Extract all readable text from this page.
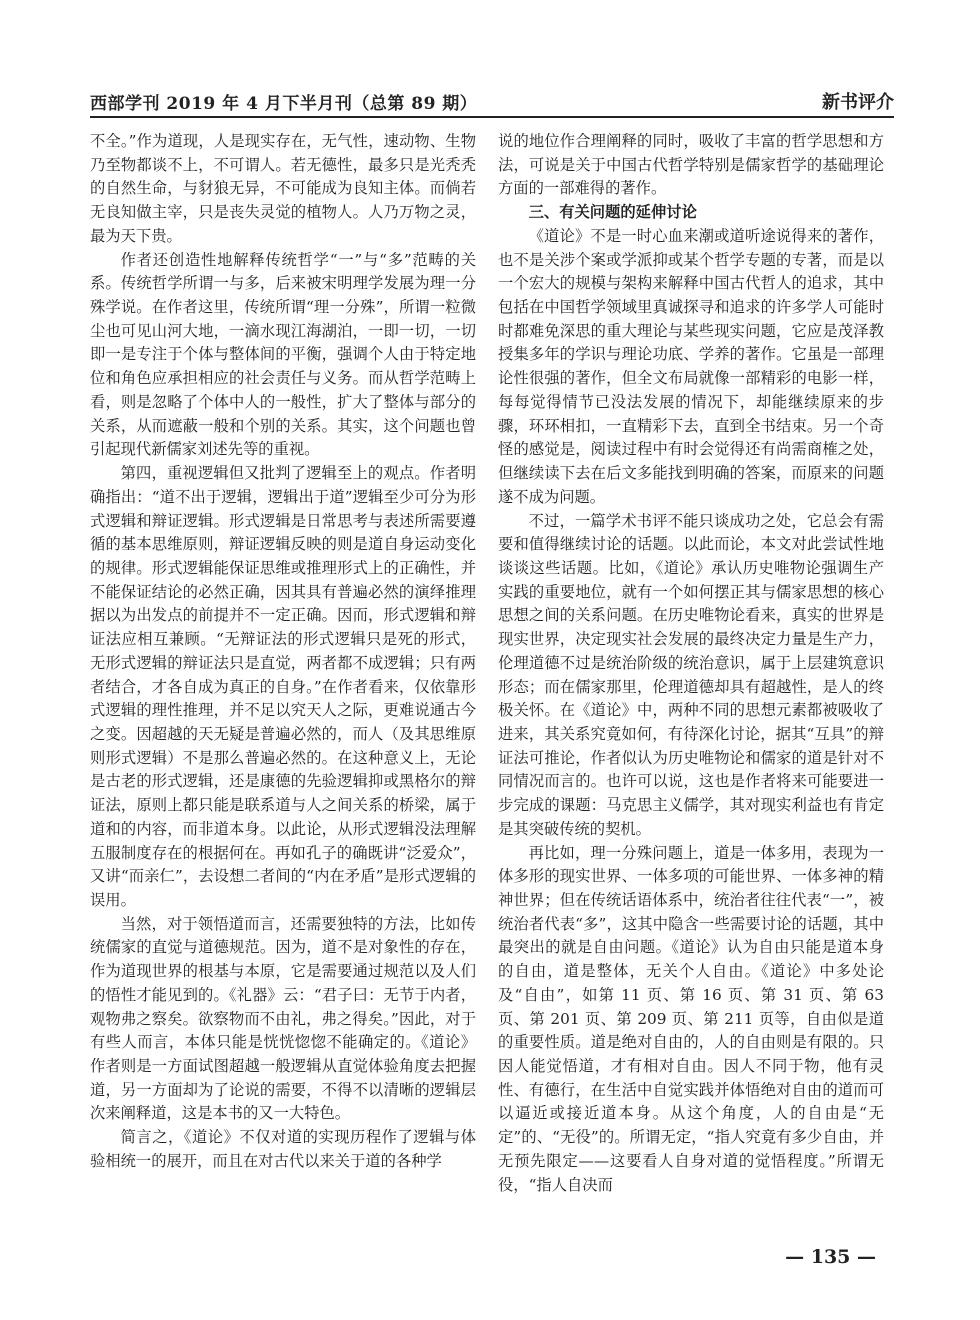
西部学刊 2019 年 4 月下半月刊（总第 89 期）	新书评介

不全。”作为道现，人是现实存在，无气性，速动物、生物乃至物都谈不上，不可谓人。若无德性，最多只是光秃秃的自然生命，与豺狼无异，不可能成为良知主体。而倘若无良知做主宰，只是丧失灵觉的植物人。人乃万物之灵，最为天下贵。

作者还创造性地解释传统哲学“一”与“多”范畴的关系。传统哲学所谓一与多，后来被宋明理学发展为理一分殊学说。在作者这里，传统所谓“理一分殊”，所谓一粒微尘也可见山河大地，一滴水现江海湖泊，一即一切，一切即一是专注于个体与整体间的平衡，强调个人由于特定地位和角色应承担相应的社会责任与义务。而从哲学范畴上看，则是忽略了个体中人的一般性，扩大了整体与部分的关系，从而遮蔽一般和个别的关系。其实，这个问题也曾引起现代新儒家刘述先等的重视。

第四，重视逻辑但又批判了逻辑至上的观点。作者明确指出：“道不出于逻辑，逻辑出于道”逻辑至少可分为形式逻辑和辩证逻辑。形式逻辑是日常思考与表述所需要遵循的基本思维原则，辩证逻辑反映的则是道自身运动变化的规律。形式逻辑能保证思维或推理形式上的正确性，并不能保证结论的必然正确，因其具有普遍必然的演绎推理据以为出发点的前提并不一定正确。因而，形式逻辑和辩证法应相互兼顾。“无辩证法的形式逻辑只是死的形式，无形式逻辑的辩证法只是直觉，两者都不成逻辑；只有两者结合，才各自成为真正的自身。”在作者看来，仅依靠形式逻辑的理性推理，并不足以究天人之际，更难说通古今之变。因超越的天无疑是普遍必然的，而人（及其思维原则形式逻辑）不是那么普遍必然的。在这种意义上，无论是古老的形式逻辑，还是康德的先验逻辑抑或黑格尔的辩证法，原则上都只能是联系道与人之间关系的桥梁，属于道和的内容，而非道本身。以此论，从形式逻辑没法理解五服制度存在的根据何在。再如孔子的确既讲“泛爱众”，又讲“而亲仁”，去设想二者间的“内在矛盾”是形式逻辑的误用。

当然，对于领悟道而言，还需要独特的方法，比如传统儒家的直觉与道德规范。因为，道不是对象性的存在，作为道现世界的根基与本原，它是需要通过规范以及人们的悟性才能见到的。《礼器》云：“君子曰：无节于内者，观物弗之察矣。欲察物而不由礼，弗之得矣。”因此，对于有些人而言，本体只能是恍恍惚惚不能确定的。《道论》作者则是一方面试图超越一般逻辑从直觉体验角度去把握道，另一方面却为了论说的需要，不得不以清晰的逻辑层次来阐释道，这是本书的又一大特色。

简言之，《道论》不仅对道的实现历程作了逻辑与体验相统一的展开，而且在对古代以来关于道的各种学

说的地位作合理阐释的同时，吸收了丰富的哲学思想和方法，可说是关于中国古代哲学特别是儒家哲学的基础理论方面的一部难得的著作。

三、有关问题的延伸讨论

《道论》不是一时心血来潮或道听途说得来的著作，也不是关涉个案或学派抑或某个哲学专题的专著，而是以一个宏大的规模与架构来解释中国古代哲人的追求，其中包括在中国哲学领域里真诚探寻和追求的许多学人可能时时都难免深思的重大理论与某些现实问题，它应是茂泽教授集多年的学识与理论功底、学养的著作。它虽是一部理论性很强的著作，但全文布局就像一部精彩的电影一样，每每觉得情节已没法发展的情况下，却能继续原来的步骤，环环相扣，一直精彩下去，直到全书结束。另一个奇怪的感觉是，阅读过程中有时会觉得还有尚需商榷之处，但继续读下去在后文多能找到明确的答案，而原来的问题遂不成为问题。

不过，一篇学术书评不能只谈成功之处，它总会有需要和值得继续讨论的话题。以此而论，本文对此尝试性地谈谈这些话题。比如，《道论》承认历史唯物论强调生产实践的重要地位，就有一个如何摆正其与儒家思想的核心思想之间的关系问题。在历史唯物论看来，真实的世界是现实世界，决定现实社会发展的最终决定力量是生产力，伦理道德不过是统治阶级的统治意识，属于上层建筑意识形态；而在儒家那里，伦理道德却具有超越性，是人的终极关怀。在《道论》中，两种不同的思想元素都被吸收了进来，其关系究竟如何，有待深化讨论，据其“互具”的辩证法可推论，作者似认为历史唯物论和儒家的道是针对不同情况而言的。也许可以说，这也是作者将来可能要进一步完成的课题：马克思主义儒学，其对现实利益也有肯定是其突破传统的契机。

再比如，理一分殊问题上，道是一体多用，表现为一体多形的现实世界、一体多项的可能世界、一体多神的精神世界；但在传统话语体系中，统治者往往代表“一”，被统治者代表“多”，这其中隐含一些需要讨论的话题，其中最突出的就是自由问题。《道论》认为自由只能是道本身的自由，道是整体，无关个人自由。《道论》中多处论及“自由”，如第 11 页、第 16 页、第 31 页、第 63 页、第 201 页、第 209 页、第 211 页等，自由似是道的重要性质。道是绝对自由的，人的自由则是有限的。只因人能觉悟道，才有相对自由。因人不同于物，他有灵性、有德行，在生活中自觉实践并体悟绝对自由的道而可以逼近或接近道本身。从这个角度，人的自由是“无定”的、“无役”的。所谓无定，“指人究竟有多少自由，并无预先限定——这要看人自身对道的觉悟程度。”所谓无役，“指人自决而

— 135 —
